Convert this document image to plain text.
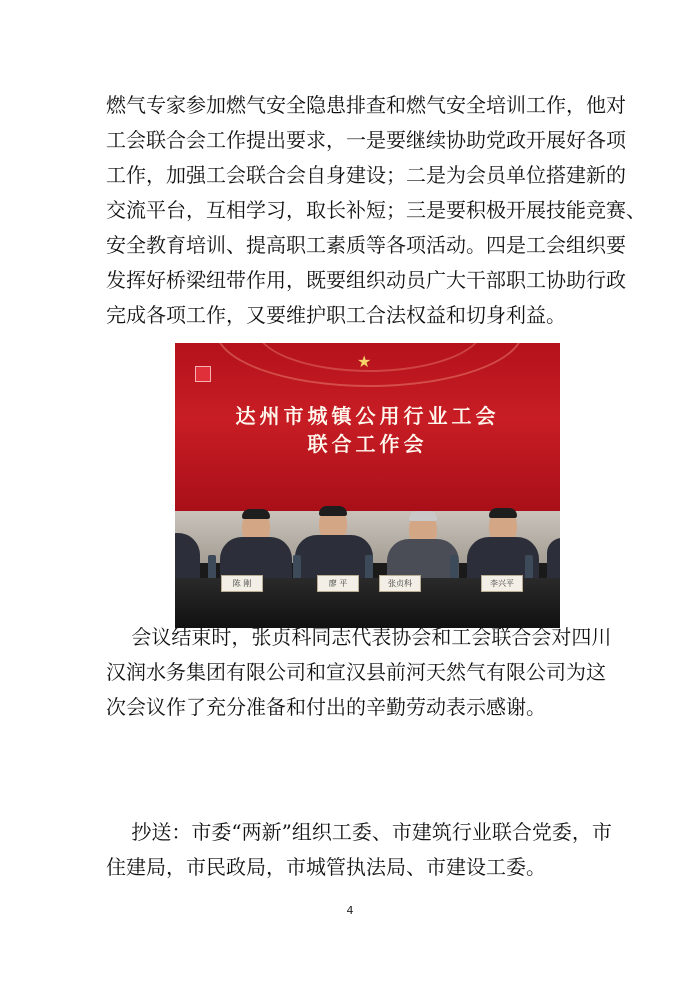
燃气专家参加燃气安全隐患排查和燃气安全培训工作，他对
工会联合会工作提出要求，一是要继续协助党政开展好各项
工作，加强工会联合会自身建设；二是为会员单位搭建新的
交流平台，互相学习，取长补短；三是要积极开展技能竞赛、
安全教育培训、提高职工素质等各项活动。四是工会组织要
发挥好桥梁纽带作用，既要组织动员广大干部职工协助行政
完成各项工作，又要维护职工合法权益和切身利益。
★
达州市城镇公用行业工会
联合工作会
陈 刚	廖 平	张贞科	李兴平
会议结束时，张贞科同志代表协会和工会联合会对四川
汉润水务集团有限公司和宣汉县前河天然气有限公司为这
次会议作了充分准备和付出的辛勤劳动表示感谢。
抄送：市委“两新”组织工委、市建筑行业联合党委，市
住建局，市民政局，市城管执法局、市建设工委。
4
